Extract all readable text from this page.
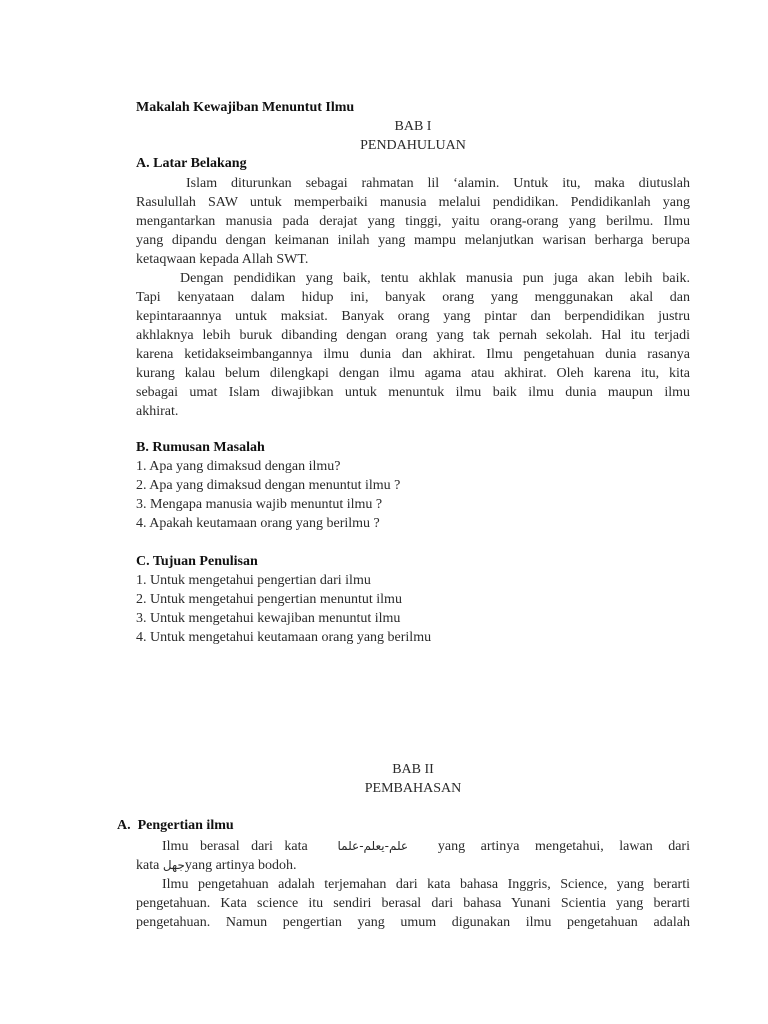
Makalah Kewajiban Menuntut Ilmu
BAB I
PENDAHULUAN
A. Latar Belakang
Islam diturunkan sebagai rahmatan lil ‘alamin. Untuk itu, maka diutuslah
Rasulullah SAW untuk memperbaiki manusia melalui pendidikan. Pendidikanlah yang
mengantarkan manusia pada derajat yang tinggi, yaitu orang-orang yang berilmu. Ilmu
yang dipandu dengan keimanan inilah yang mampu melanjutkan warisan berharga berupa
ketaqwaan kepada Allah SWT.
Dengan pendidikan yang baik, tentu akhlak manusia pun juga akan lebih baik.
Tapi kenyataan dalam hidup ini, banyak orang yang menggunakan akal dan
kepintaraannya untuk maksiat. Banyak orang yang pintar dan berpendidikan justru
akhlaknya lebih buruk dibanding dengan orang yang tak pernah sekolah. Hal itu terjadi
karena ketidakseimbangannya ilmu dunia dan akhirat. Ilmu pengetahuan dunia rasanya
kurang kalau belum dilengkapi dengan ilmu agama atau akhirat. Oleh karena itu, kita
sebagai umat Islam diwajibkan untuk menuntuk ilmu baik ilmu dunia maupun ilmu
akhirat.
B. Rumusan Masalah
1. Apa yang dimaksud dengan ilmu?
2. Apa yang dimaksud dengan menuntut ilmu ?
3. Mengapa manusia wajib menuntut ilmu ?
4. Apakah keutamaan orang yang berilmu ?
C. Tujuan Penulisan
1. Untuk mengetahui pengertian dari ilmu
2. Untuk mengetahui pengertian menuntut ilmu
3. Untuk mengetahui kewajiban menuntut ilmu
4. Untuk mengetahui keutamaan orang yang berilmu
BAB II
PEMBAHASAN
A.  Pengertian ilmu
Ilmu berasal dari kata علم-يعلم-علما yang artinya mengetahui, lawan dari
kata جهلyang artinya bodoh.
Ilmu pengetahuan adalah terjemahan dari kata bahasa Inggris, Science, yang berarti
pengetahuan. Kata science itu sendiri berasal dari bahasa Yunani Scientia yang berarti
pengetahuan. Namun pengertian yang umum digunakan ilmu pengetahuan adalah
